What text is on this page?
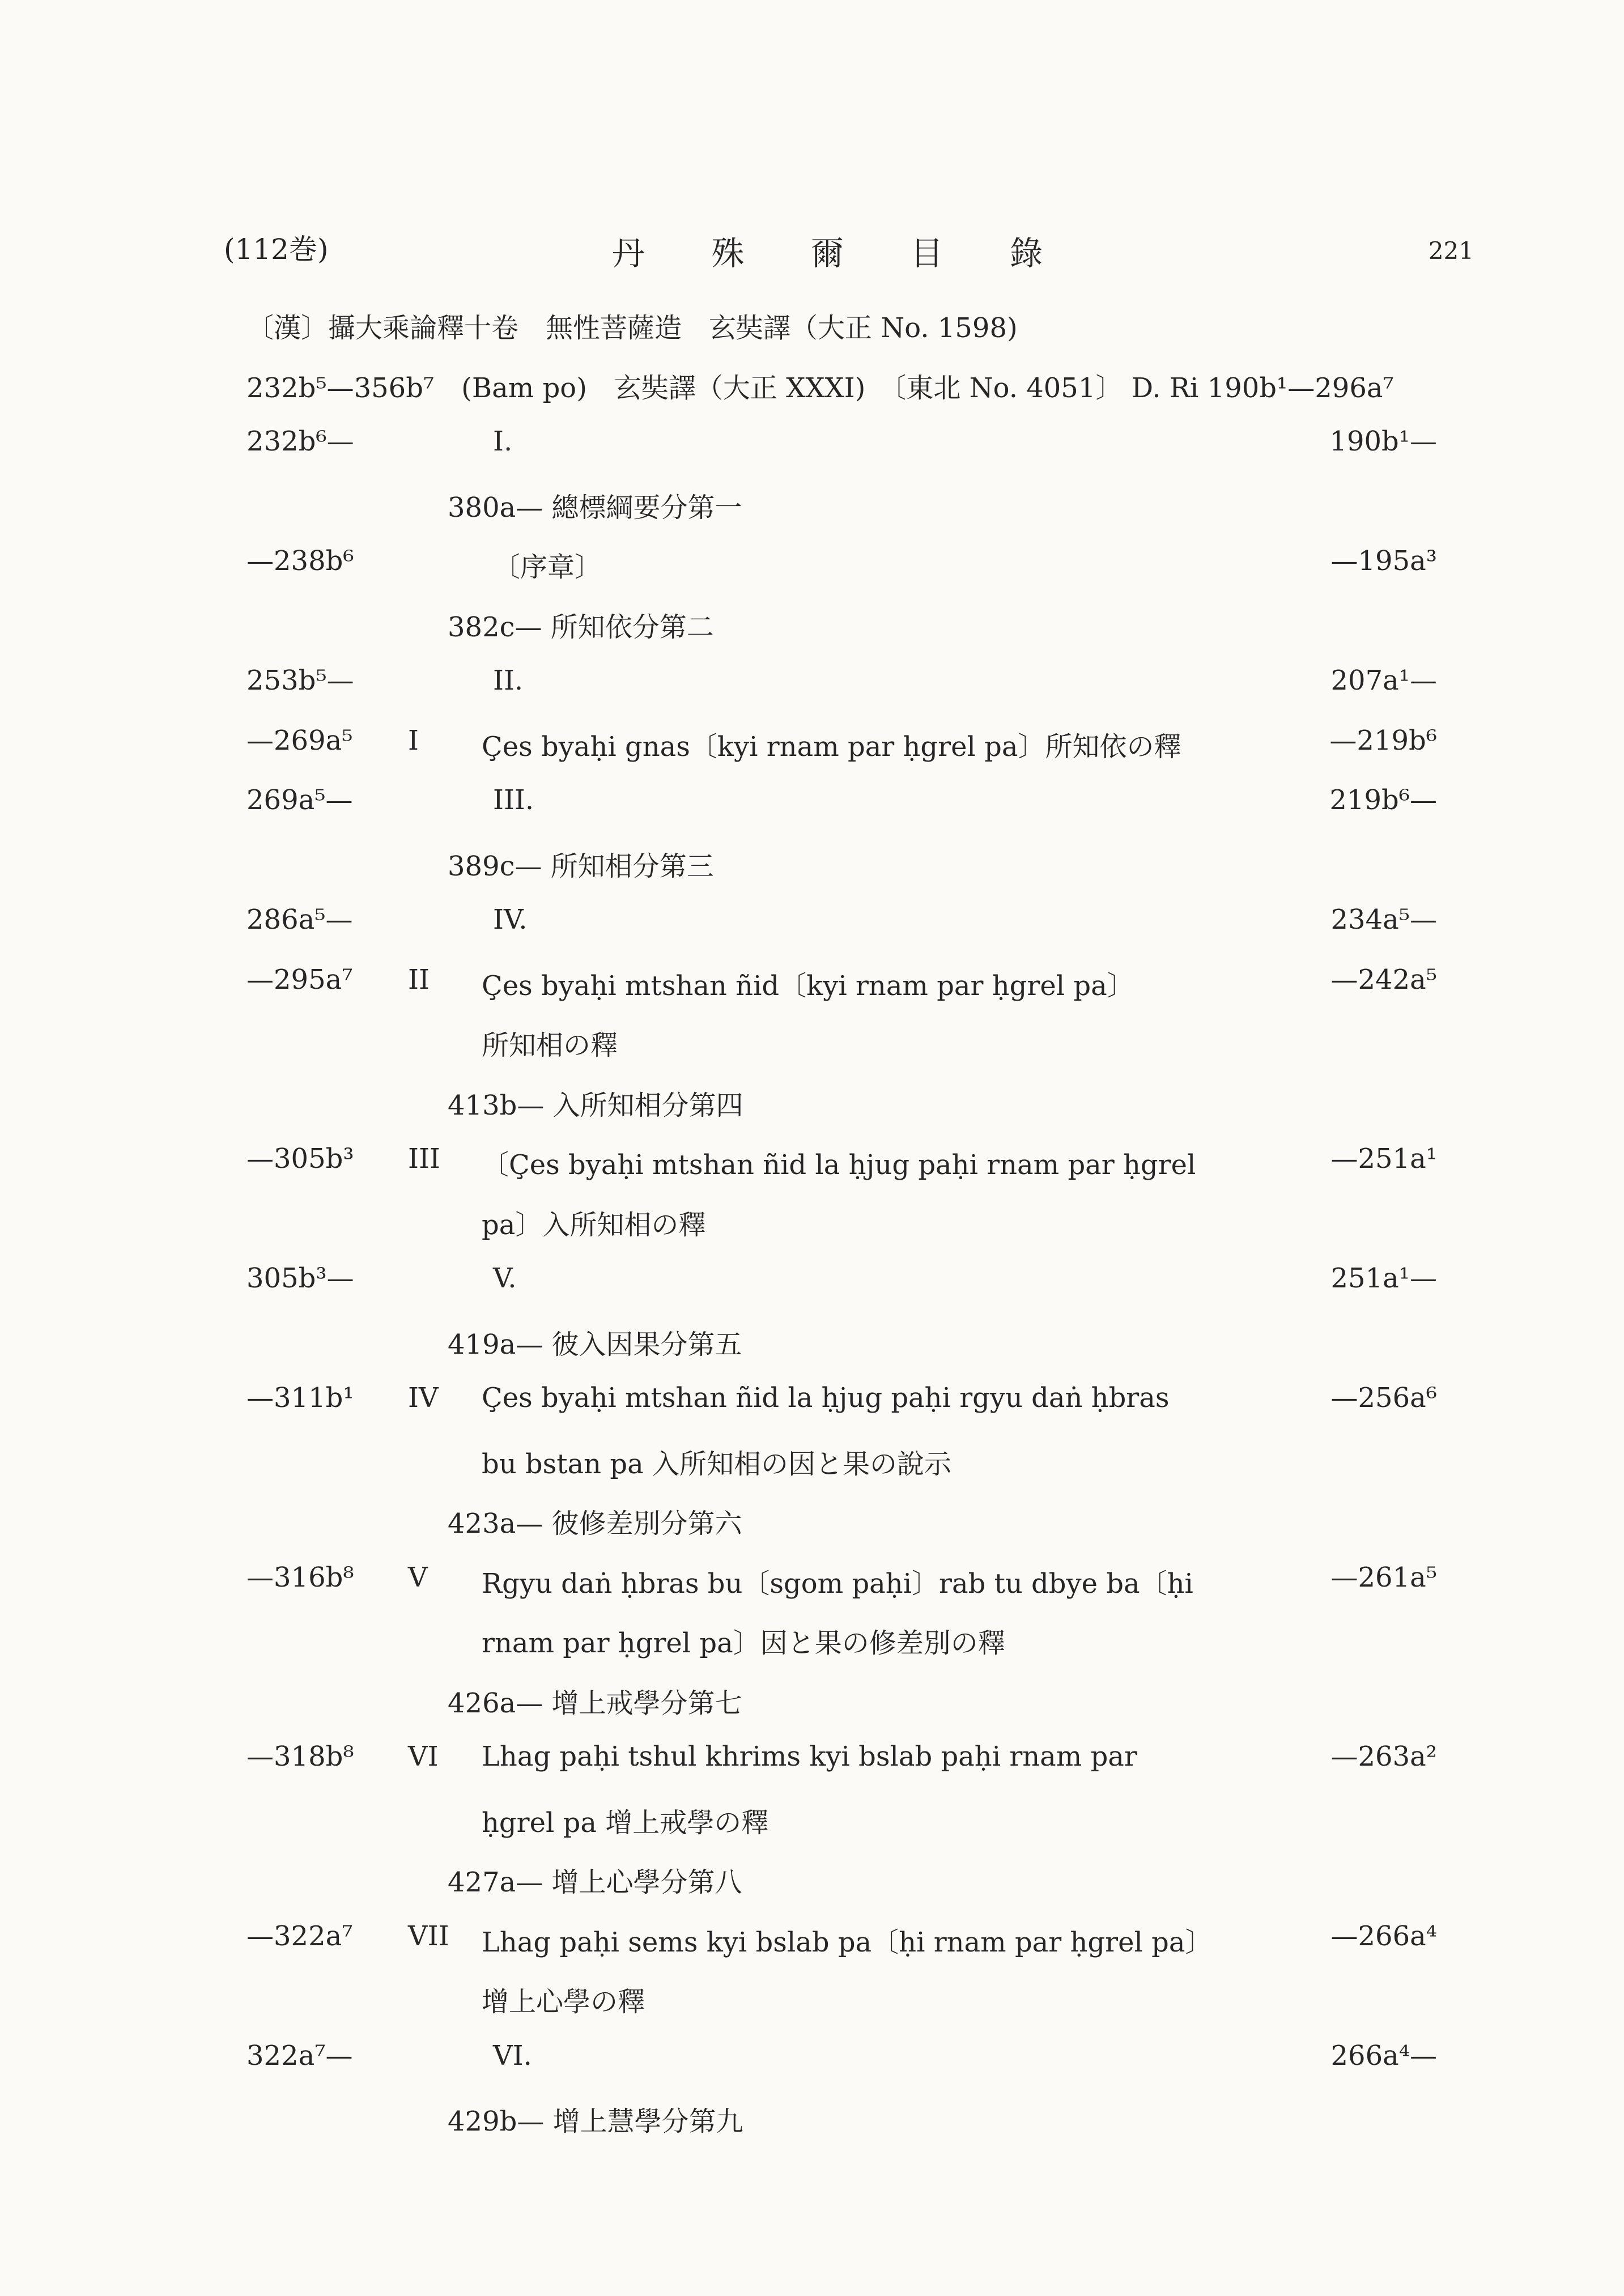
(112巻)	丹 殊 爾 目 錄	221
〔漢〕攝大乘論釋十卷　無性菩薩造　玄奘譯（大正 No. 1598)
232b⁵—356b⁷　(Bam po)　玄奘譯（大正 XXXI)　〔東北 No. 4051〕 D. Ri 190b¹—296a⁷
232b⁶—	I.	190b¹—
380a— 總標綱要分第一
—238b⁶	〔序章〕	—195a³
382c— 所知依分第二
253b⁵—	II.	207a¹—
—269a⁵ I Çes byaḥi gnas〔kyi rnam par ḥgrel pa〕所知依の釋	—219b⁶
269a⁵—	III.	219b⁶—
389c— 所知相分第三
286a⁵—	IV.	234a⁵—
—295a⁷ II Çes byaḥi mtshan ñid〔kyi rnam par ḥgrel pa〕	—242a⁵
所知相の釋
413b— 入所知相分第四
—305b³ III 〔Çes byaḥi mtshan ñid la ḥjug paḥi rnam par ḥgrel	—251a¹
pa〕入所知相の釋
305b³—	V.	251a¹—
419a— 彼入因果分第五
—311b¹ IV Çes byaḥi mtshan ñid la ḥjug paḥi rgyu daṅ ḥbras	—256a⁶
bu bstan pa 入所知相の因と果の說示
423a— 彼修差別分第六
—316b⁸ V Rgyu daṅ ḥbras bu〔sgom paḥi〕rab tu dbye ba〔ḥi	—261a⁵
rnam par ḥgrel pa〕因と果の修差別の釋
426a— 增上戒學分第七
—318b⁸ VI Lhag paḥi tshul khrims kyi bslab paḥi rnam par	—263a²
ḥgrel pa 增上戒學の釋
427a— 增上心學分第八
—322a⁷ VII Lhag paḥi sems kyi bslab pa〔ḥi rnam par ḥgrel pa〕	—266a⁴
增上心學の釋
322a⁷—	VI.	266a⁴—
429b— 增上慧學分第九
